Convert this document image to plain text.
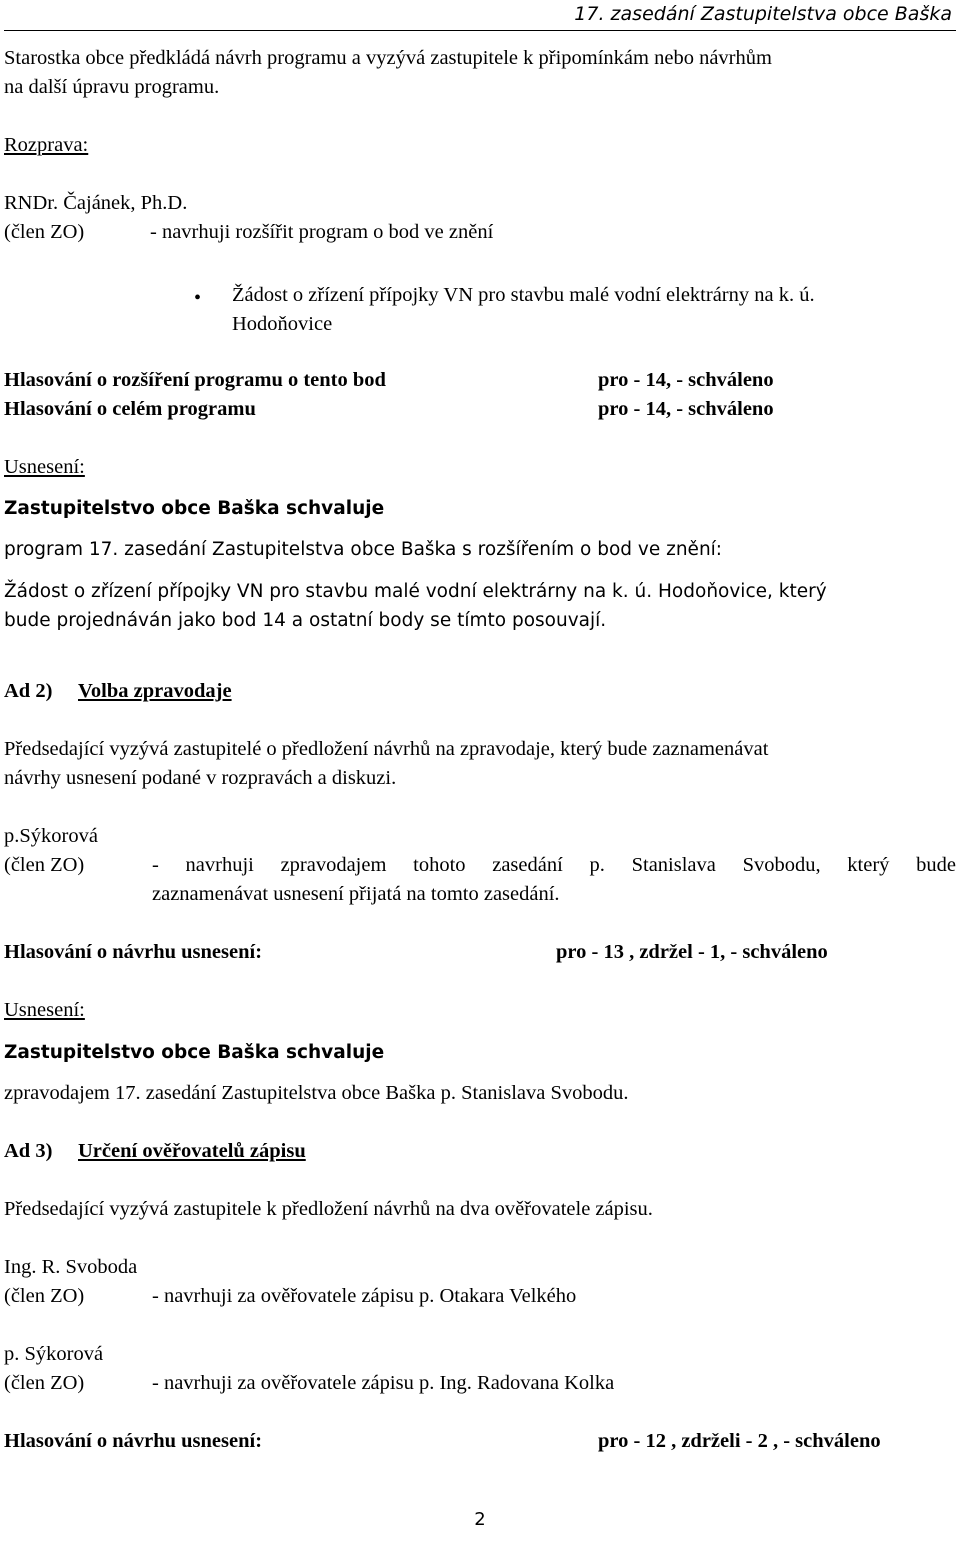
17. zasedání Zastupitelstva obce Baška
Starostka obce předkládá návrh programu a vyzývá zastupitele k připomínkám nebo návrhům
na další úpravu programu.
Rozprava:
RNDr. Čajánek, Ph.D.
(člen ZO)	- navrhuji rozšířit program o bod ve znění
• Žádost o zřízení přípojky VN pro stavbu malé vodní elektrárny na k. ú.
Hodoňovice
Hlasování o rozšíření programu o tento bod	pro - 14, - schváleno
Hlasování o celém programu	pro - 14, - schváleno
Usnesení:
Zastupitelstvo obce Baška schvaluje
program 17. zasedání Zastupitelstva obce Baška s rozšířením o bod ve znění:
Žádost o zřízení přípojky VN pro stavbu malé vodní elektrárny na k. ú. Hodoňovice, který
bude projednáván jako bod 14 a ostatní body se tímto posouvají.
Ad 2) Volba zpravodaje
Předsedající vyzývá zastupitelé o předložení návrhů na zpravodaje, který bude zaznamenávat
návrhy usnesení podané v rozpravách a diskuzi.
p.Sýkorová
(člen ZO)	- navrhuji zpravodajem tohoto zasedání p. Stanislava Svobodu, který bude
zaznamenávat usnesení přijatá na tomto zasedání.
Hlasování o návrhu usnesení:	pro - 13 , zdržel - 1, - schváleno
Usnesení:
Zastupitelstvo obce Baška schvaluje
zpravodajem 17. zasedání Zastupitelstva obce Baška p. Stanislava Svobodu.
Ad 3) Určení ověřovatelů zápisu
Předsedající vyzývá zastupitele k předložení návrhů na dva ověřovatele zápisu.
Ing. R. Svoboda
(člen ZO)	- navrhuji za ověřovatele zápisu p. Otakara Velkého
p. Sýkorová
(člen ZO)	- navrhuji za ověřovatele zápisu p. Ing. Radovana Kolka
Hlasování o návrhu usnesení:	pro - 12 , zdrželi - 2 , - schváleno
2
